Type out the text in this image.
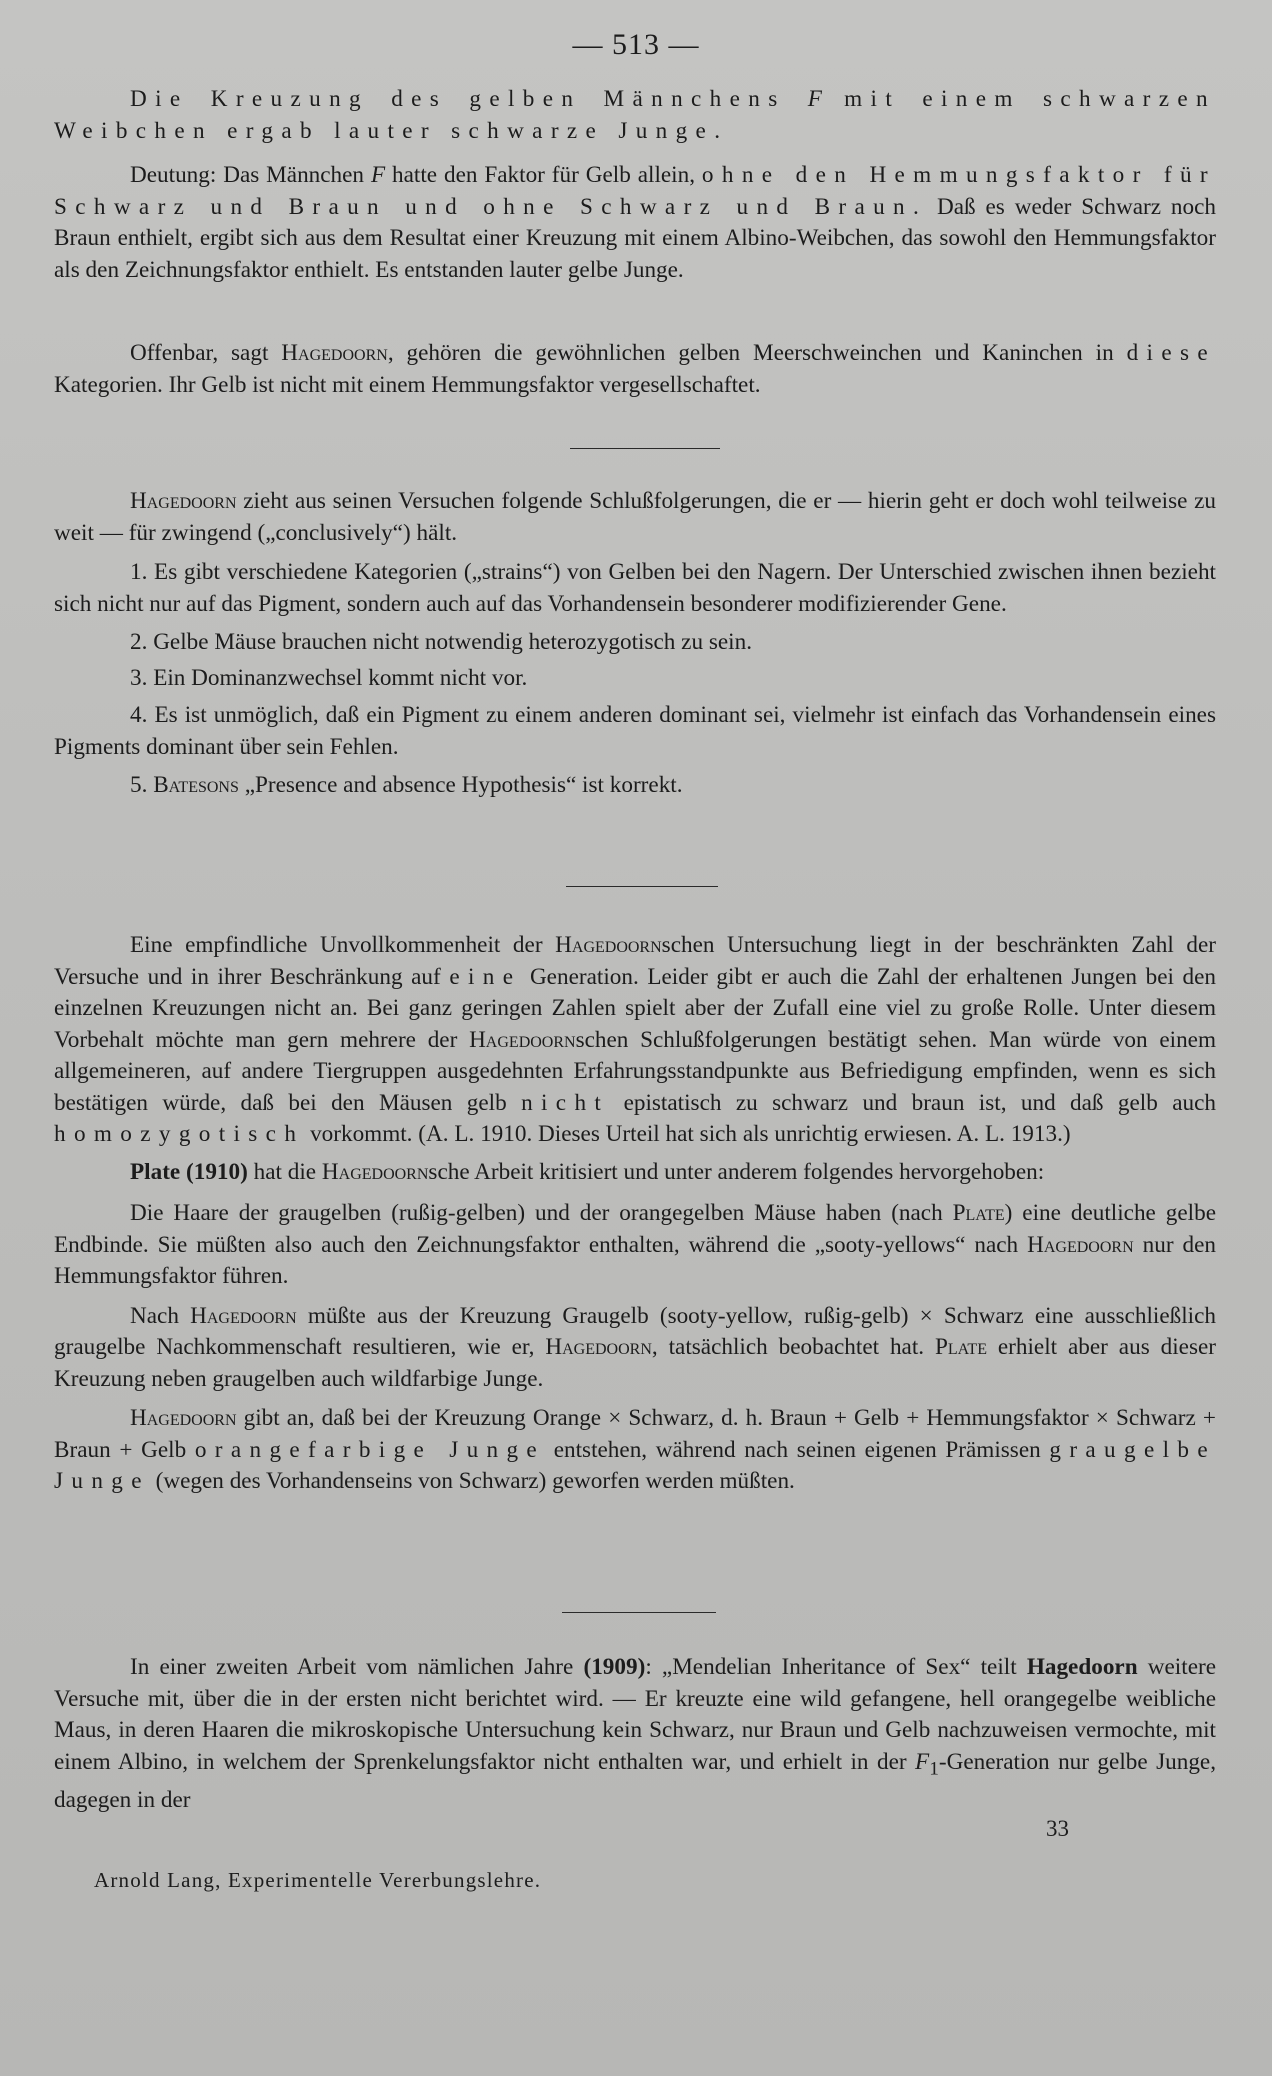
— 513 —

Die Kreuzung des gelben Männchens F mit einem schwarzen Weibchen ergab lauter schwarze Junge.

Deutung: Das Männchen F hatte den Faktor für Gelb allein, ohne den Hemmungsfaktor für Schwarz und Braun und ohne Schwarz und Braun. Daß es weder Schwarz noch Braun enthielt, ergibt sich aus dem Resultat einer Kreuzung mit einem Albino-Weibchen, das sowohl den Hemmungsfaktor als den Zeichnungsfaktor enthielt. Es entstanden lauter gelbe Junge.

Offenbar, sagt Hagedoorn, gehören die gewöhnlichen gelben Meerschweinchen und Kaninchen in diese Kategorien. Ihr Gelb ist nicht mit einem Hemmungsfaktor vergesellschaftet.

Hagedoorn zieht aus seinen Versuchen folgende Schlußfolgerungen, die er — hierin geht er doch wohl teilweise zu weit — für zwingend („conclusively“) hält.

1. Es gibt verschiedene Kategorien („strains“) von Gelben bei den Nagern. Der Unterschied zwischen ihnen bezieht sich nicht nur auf das Pigment, sondern auch auf das Vorhandensein besonderer modifizierender Gene.

2. Gelbe Mäuse brauchen nicht notwendig heterozygotisch zu sein.

3. Ein Dominanzwechsel kommt nicht vor.

4. Es ist unmöglich, daß ein Pigment zu einem anderen dominant sei, vielmehr ist einfach das Vorhandensein eines Pigments dominant über sein Fehlen.

5. Batesons „Presence and absence Hypothesis“ ist korrekt.

Eine empfindliche Unvollkommenheit der Hagedoornschen Untersuchung liegt in der beschränkten Zahl der Versuche und in ihrer Beschränkung auf eine Generation. Leider gibt er auch die Zahl der erhaltenen Jungen bei den einzelnen Kreuzungen nicht an. Bei ganz geringen Zahlen spielt aber der Zufall eine viel zu große Rolle. Unter diesem Vorbehalt möchte man gern mehrere der Hagedoornschen Schlußfolgerungen bestätigt sehen. Man würde von einem allgemeineren, auf andere Tiergruppen ausgedehnten Erfahrungsstandpunkte aus Befriedigung empfinden, wenn es sich bestätigen würde, daß bei den Mäusen gelb nicht epistatisch zu schwarz und braun ist, und daß gelb auch homozygotisch vorkommt. (A. L. 1910. Dieses Urteil hat sich als unrichtig erwiesen. A. L. 1913.)

Plate (1910) hat die Hagedoornsche Arbeit kritisiert und unter anderem folgendes hervorgehoben:

Die Haare der graugelben (rußig-gelben) und der orangegelben Mäuse haben (nach Plate) eine deutliche gelbe Endbinde. Sie müßten also auch den Zeichnungsfaktor enthalten, während die „sooty-yellows“ nach Hagedoorn nur den Hemmungsfaktor führen.

Nach Hagedoorn müßte aus der Kreuzung Graugelb (sooty-yellow, rußig-gelb) × Schwarz eine ausschließlich graugelbe Nachkommenschaft resultieren, wie er, Hagedoorn, tatsächlich beobachtet hat. Plate erhielt aber aus dieser Kreuzung neben graugelben auch wildfarbige Junge.

Hagedoorn gibt an, daß bei der Kreuzung Orange × Schwarz, d. h. Braun + Gelb + Hemmungsfaktor × Schwarz + Braun + Gelb orangefarbige Junge entstehen, während nach seinen eigenen Prämissen graugelbe Junge (wegen des Vorhandenseins von Schwarz) geworfen werden müßten.

In einer zweiten Arbeit vom nämlichen Jahre (1909): „Mendelian Inheritance of Sex“ teilt Hagedoorn weitere Versuche mit, über die in der ersten nicht berichtet wird. — Er kreuzte eine wild gefangene, hell orangegelbe weibliche Maus, in deren Haaren die mikroskopische Untersuchung kein Schwarz, nur Braun und Gelb nachzuweisen vermochte, mit einem Albino, in welchem der Sprenkelungsfaktor nicht enthalten war, und erhielt in der $F_1$-Generation nur gelbe Junge, dagegen in der

33
Arnold Lang, Experimentelle Vererbungslehre.
